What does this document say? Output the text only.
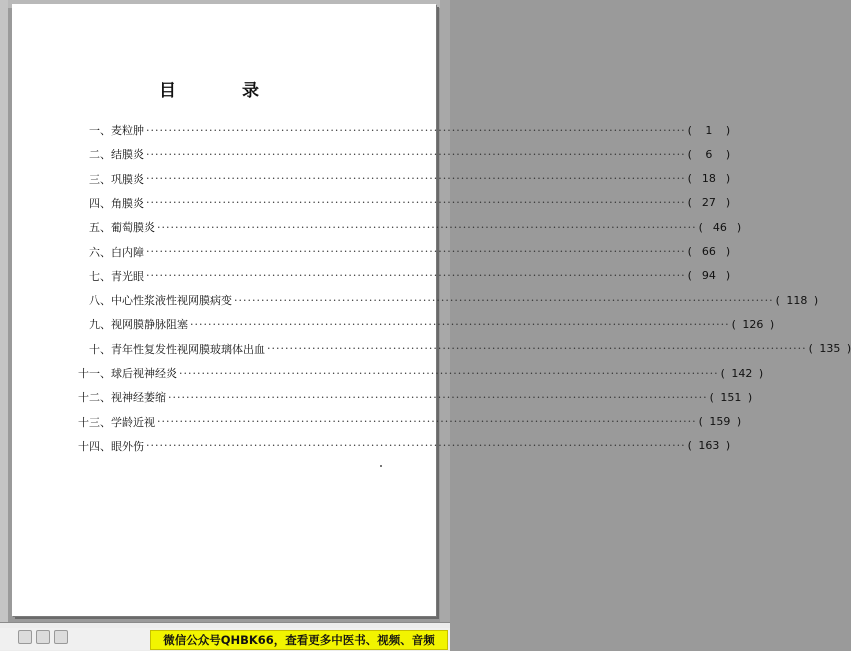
目 录
一、 麦粒肿 ························································································································ ( 1 )
二、 结膜炎 ························································································································ ( 6 )
三、 巩膜炎 ························································································································ ( 18 )
四、 角膜炎 ························································································································ ( 27 )
五、 葡萄膜炎 ························································································································ ( 46 )
六、 白内障 ························································································································ ( 66 )
七、 青光眼 ························································································································ ( 94 )
八、 中心性浆液性视网膜病变 ························································································································ ( 118 )
九、 视网膜静脉阻塞 ························································································································ ( 126 )
十、 青年性复发性视网膜玻璃体出血 ························································································································ ( 135 )
十一、 球后视神经炎 ························································································································ ( 142 )
十二、 视神经萎缩 ························································································································ ( 151 )
十三、 学龄近视 ························································································································ ( 159 )
十四、 眼外伤 ························································································································ ( 163 )
微信公众号QHBK66，查看更多中医书、视频、音频
